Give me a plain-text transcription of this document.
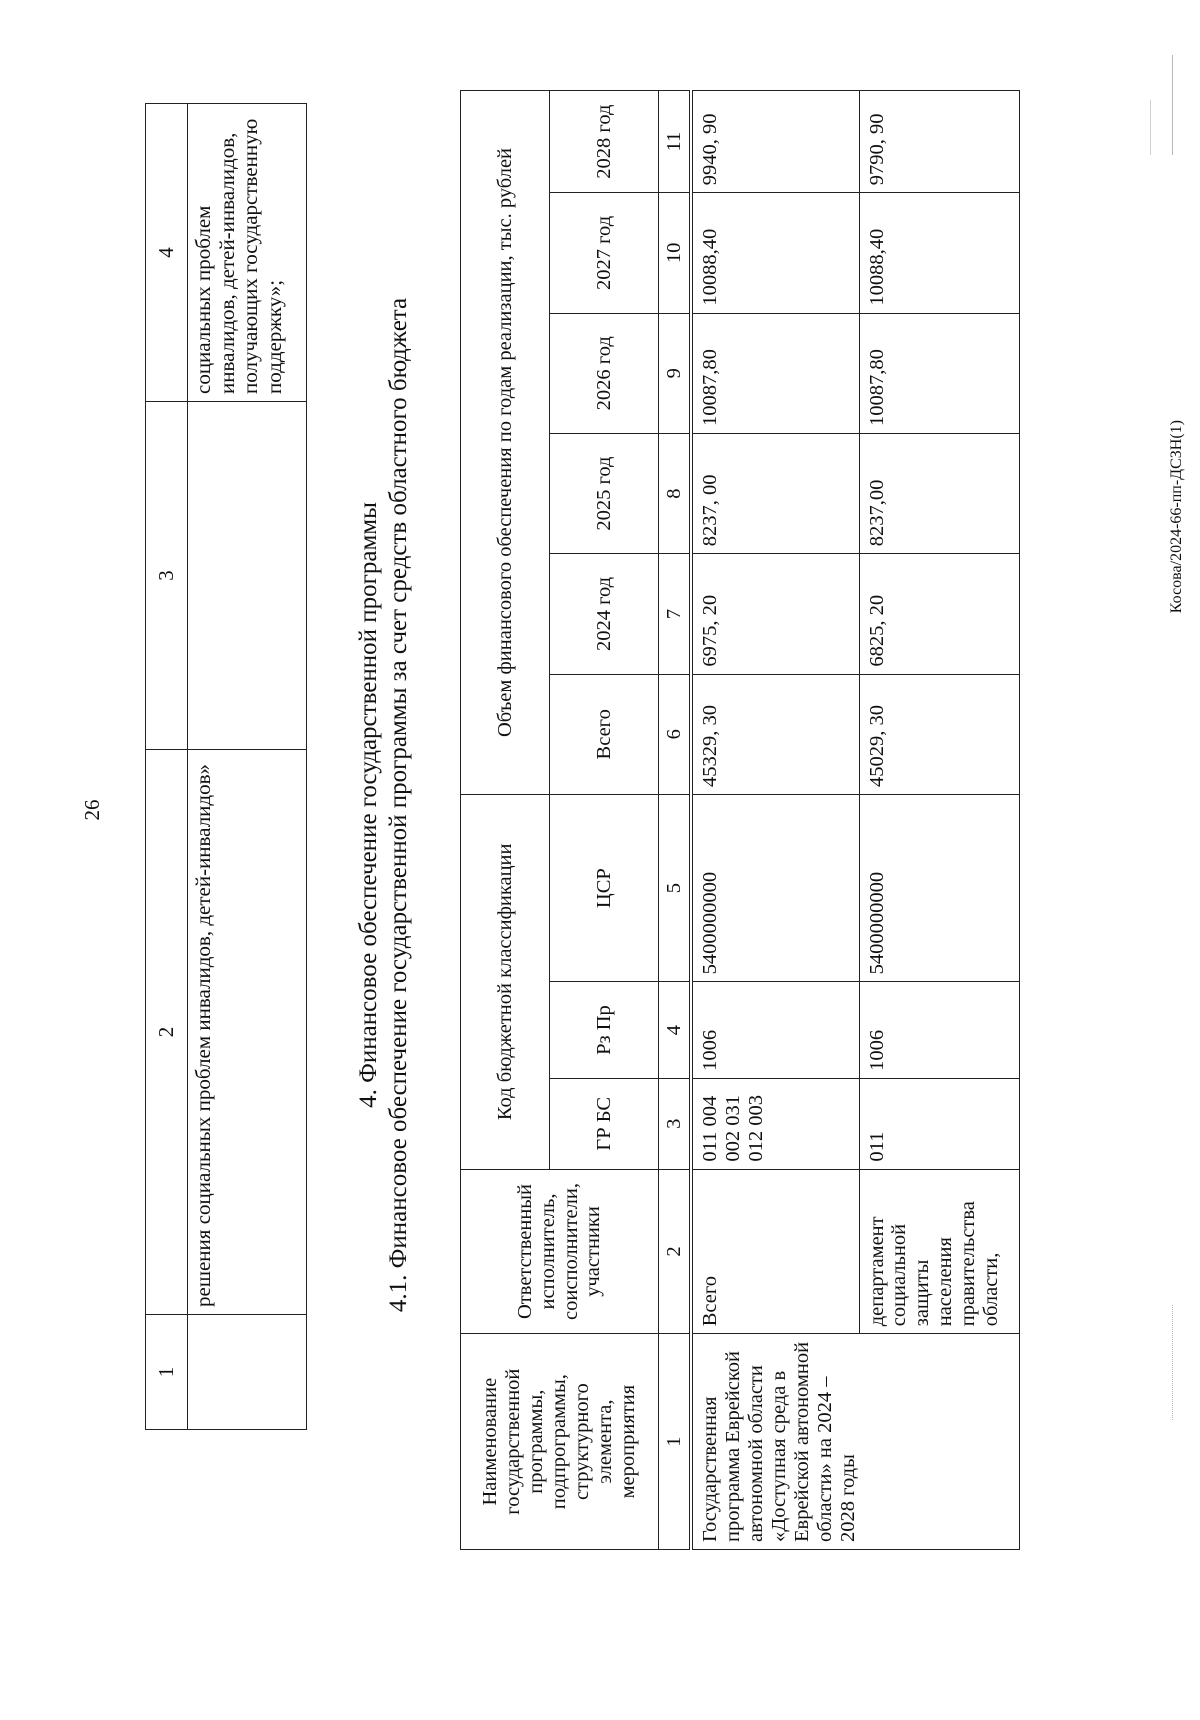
26
1	2	3	4
	решения социальных проблем инвалидов, детей-инвалидов»		социальных проблем инвалидов, детей-инвалидов, получающих государственную поддержку»;
4. Финансовое обеспечение государственной программы 4.1. Финансовое обеспечение государственной программы за счет средств областного бюджета
Наименование государственной программы, подпрограммы, структурного элемента, мероприятия	Ответственный исполнитель, соисполнители, участники	Код бюджетной классификации			Объем финансового обеспечения по годам реализации, тыс. рублей					
		ГР БС	Рз Пр	ЦСР	Всего	2024 год	2025 год	2026 год	2027 год	2028 год
1	2	3	4	5	6	7	8	9	10	11
Государственная программа Еврейской автономной области «Доступная среда в Еврейской автономной области» на 2024 – 2028 годы	Всего	011 004 002 031 012 003	1006	5400000000	45329, 30	6975, 20	8237, 00	10087,80	10088,40	9940, 90
	департамент социальной защиты населения правительства области,	011	1006	5400000000	45029, 30	6825, 20	8237,00	10087,80	10088,40	9790, 90
Косова/2024-66-пп-ДСЗН(1)
